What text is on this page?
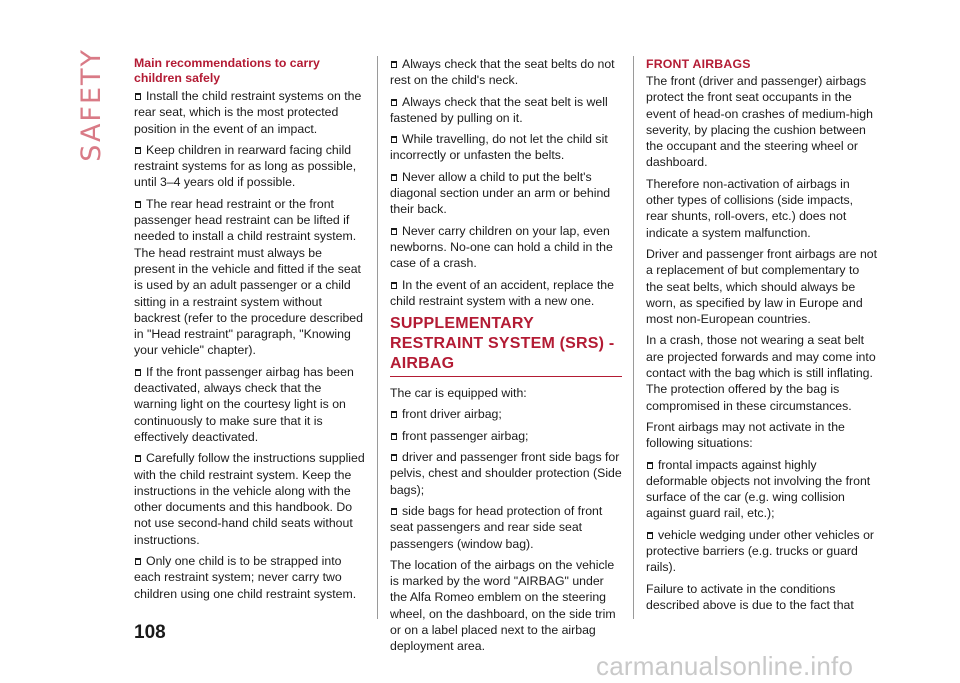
SAFETY Main recommendations to carry children safely

Install the child restraint systems on the rear seat, which is the most protected position in the event of an impact.

Keep children in rearward facing child restraint systems for as long as possible, until 3–4 years old if possible.

The rear head restraint or the front passenger head restraint can be lifted if needed to install a child restraint system. The head restraint must always be present in the vehicle and fitted if the seat is used by an adult passenger or a child sitting in a restraint system without backrest (refer to the procedure described in "Head restraint" paragraph, "Knowing your vehicle" chapter).

If the front passenger airbag has been deactivated, always check that the warning light on the courtesy light is on continuously to make sure that it is effectively deactivated.

Carefully follow the instructions supplied with the child restraint system. Keep the instructions in the vehicle along with the other documents and this handbook. Do not use second-hand child seats without instructions.

Only one child is to be strapped into each restraint system; never carry two children using one child restraint system.

Always check that the seat belts do not rest on the child's neck.

Always check that the seat belt is well fastened by pulling on it.

While travelling, do not let the child sit incorrectly or unfasten the belts.

Never allow a child to put the belt's diagonal section under an arm or behind their back.

Never carry children on your lap, even newborns. No-one can hold a child in the case of a crash.

In the event of an accident, replace the child restraint system with a new one.

SUPPLEMENTARY RESTRAINT SYSTEM (SRS) - AIRBAG

The car is equipped with:

front driver airbag;

front passenger airbag;

driver and passenger front side bags for pelvis, chest and shoulder protection (Side bags);

side bags for head protection of front seat passengers and rear side seat passengers (window bag).

The location of the airbags on the vehicle is marked by the word "AIRBAG" under the Alfa Romeo emblem on the steering wheel, on the dashboard, on the side trim or on a label placed next to the airbag deployment area.

FRONT AIRBAGS

The front (driver and passenger) airbags protect the front seat occupants in the event of head-on crashes of medium-high severity, by placing the cushion between the occupant and the steering wheel or dashboard.

Therefore non-activation of airbags in other types of collisions (side impacts, rear shunts, roll-overs, etc.) does not indicate a system malfunction.

Driver and passenger front airbags are not a replacement of but complementary to the seat belts, which should always be worn, as specified by law in Europe and most non-European countries.

In a crash, those not wearing a seat belt are projected forwards and may come into contact with the bag which is still inflating. The protection offered by the bag is compromised in these circumstances.

Front airbags may not activate in the following situations:

frontal impacts against highly deformable objects not involving the front surface of the car (e.g. wing collision against guard rail, etc.);

vehicle wedging under other vehicles or protective barriers (e.g. trucks or guard rails).

Failure to activate in the conditions described above is due to the fact that

108
carmanualsonline.info
